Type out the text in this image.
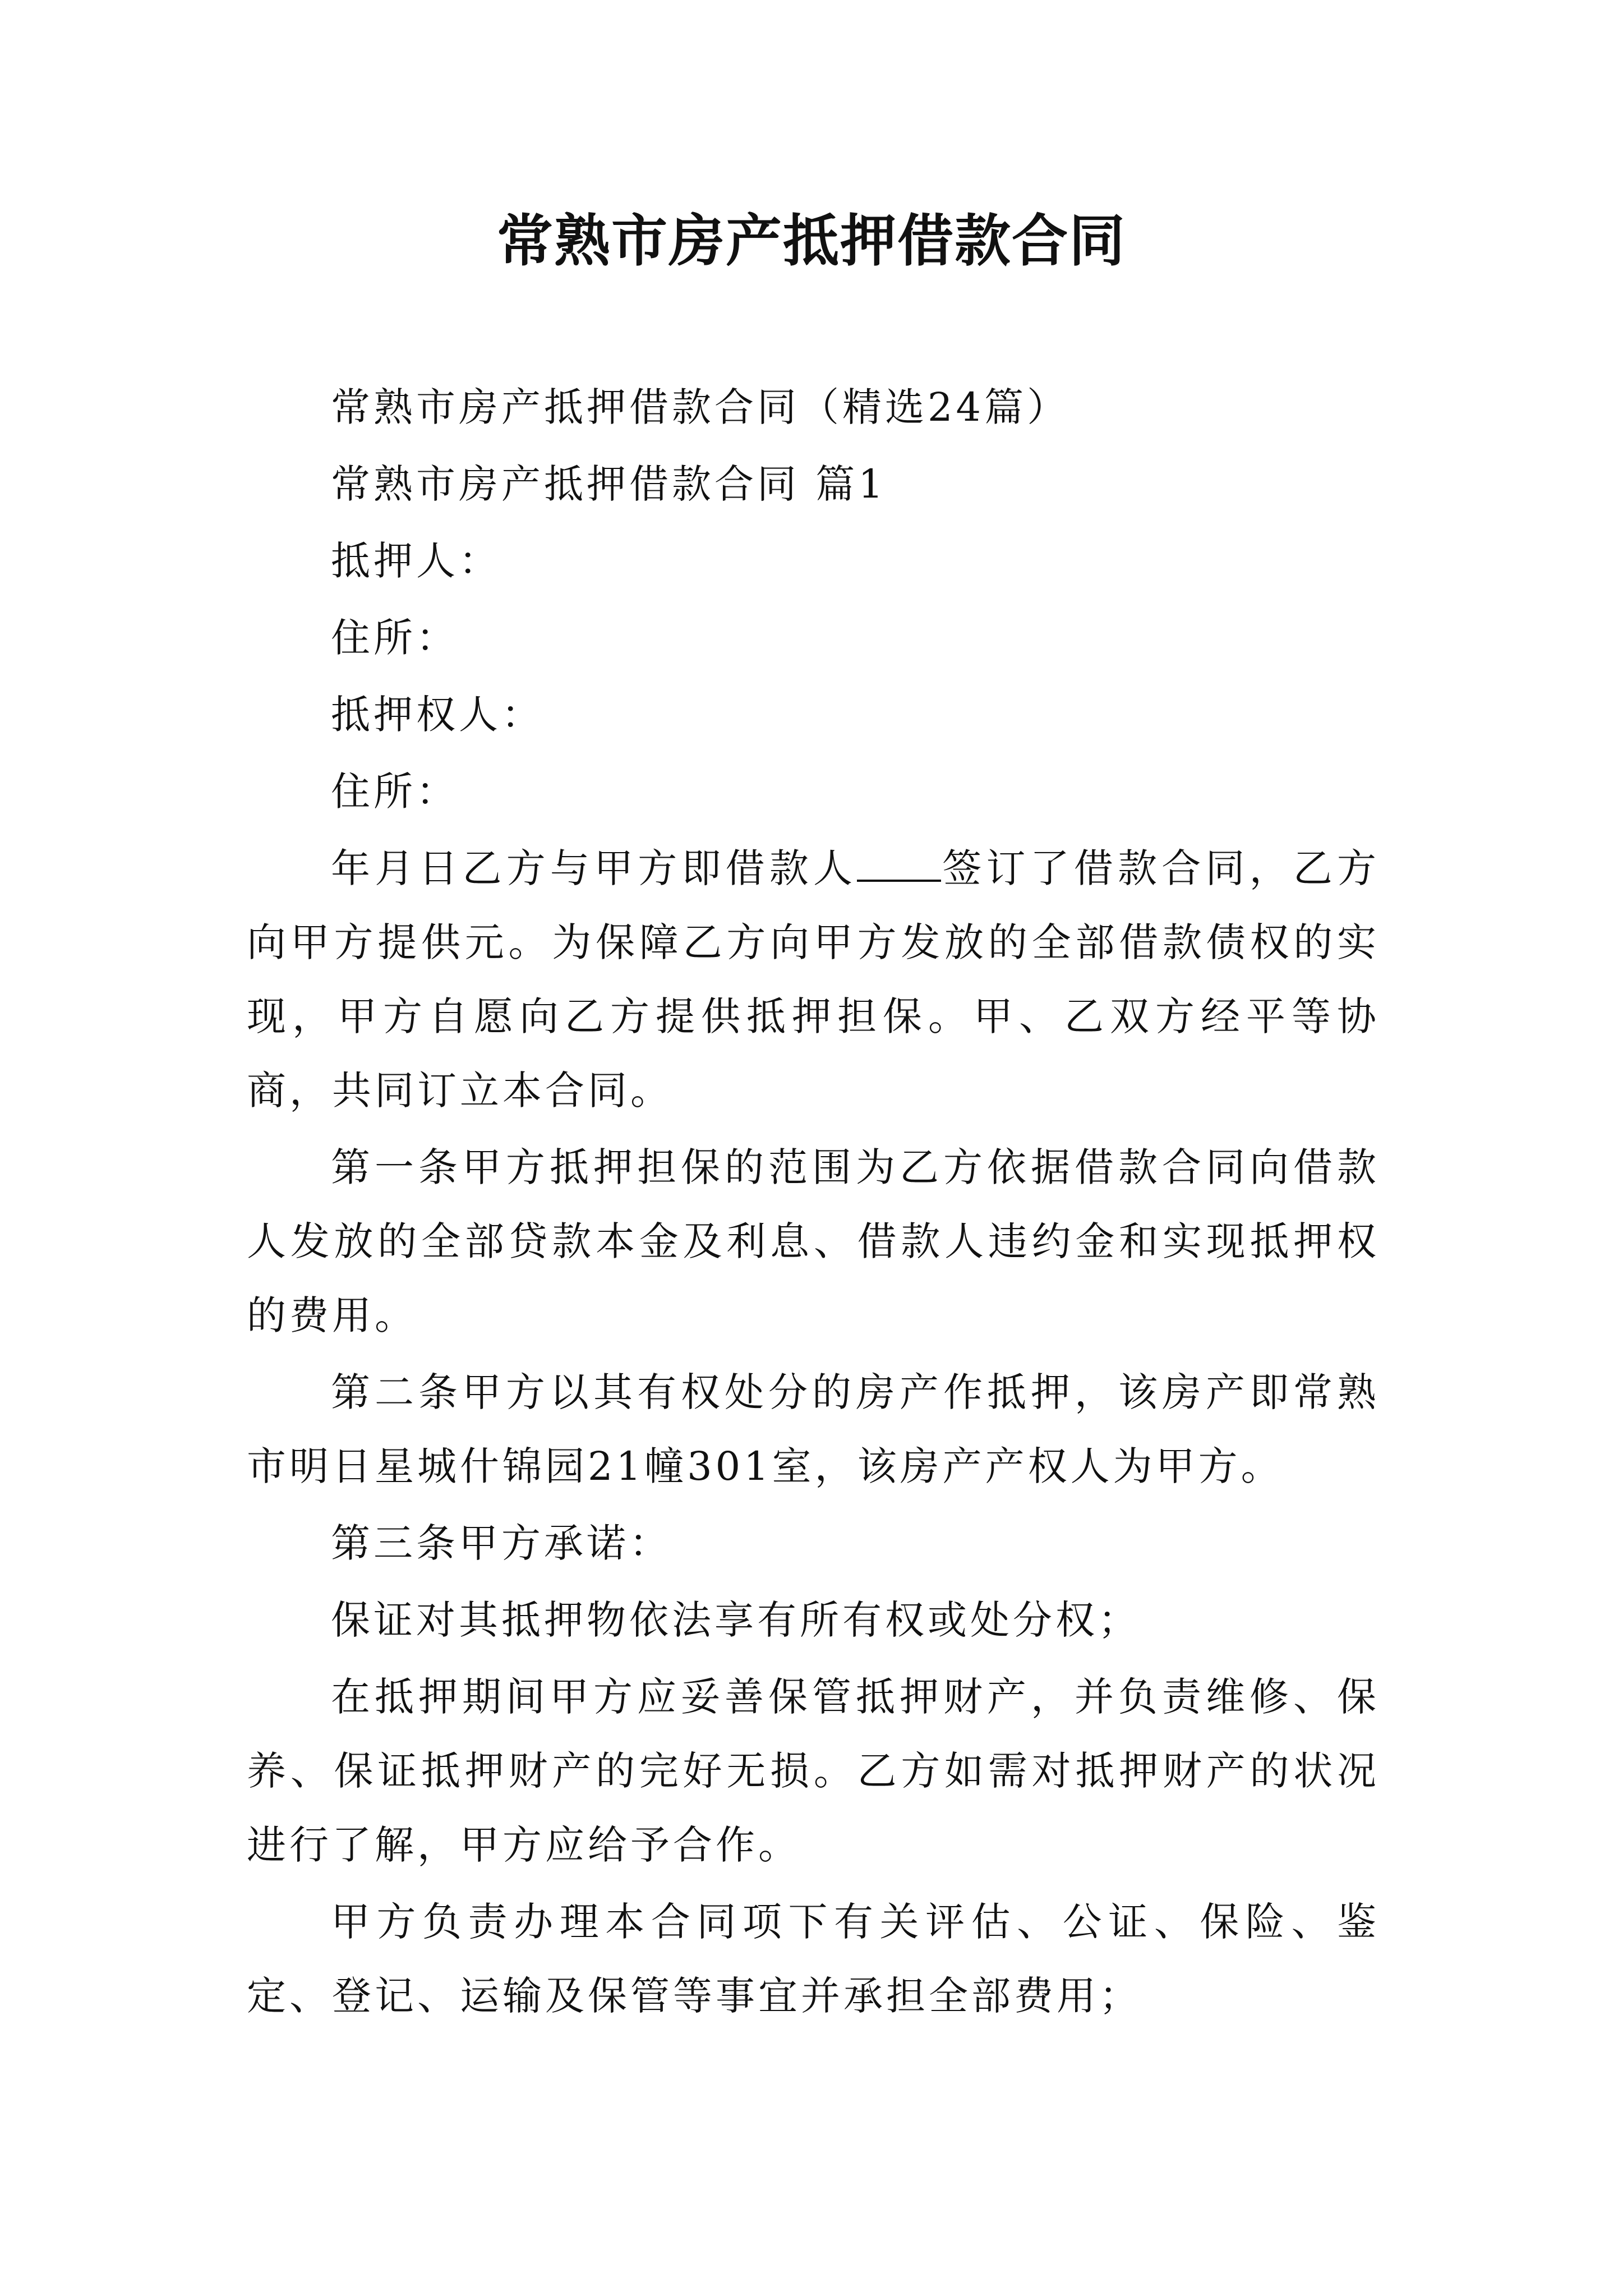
常熟市房产抵押借款合同

常熟市房产抵押借款合同（精选24篇）

常熟市房产抵押借款合同 篇1

抵押人：

住所：

抵押权人：

住所：

年月日乙方与甲方即借款人 签订了借款合同，乙方向甲方提供元。为保障乙方向甲方发放的全部借款债权的实现，甲方自愿向乙方提供抵押担保。甲、乙双方经平等协商，共同订立本合同。

第一条甲方抵押担保的范围为乙方依据借款合同向借款人发放的全部贷款本金及利息、借款人违约金和实现抵押权的费用。

第二条甲方以其有权处分的房产作抵押，该房产即常熟市明日星城什锦园21幢301室，该房产产权人为甲方。

第三条甲方承诺：

保证对其抵押物依法享有所有权或处分权；

在抵押期间甲方应妥善保管抵押财产，并负责维修、保养、保证抵押财产的完好无损。乙方如需对抵押财产的状况进行了解，甲方应给予合作。

甲方负责办理本合同项下有关评估、公证、保险、鉴定、登记、运输及保管等事宜并承担全部费用；
